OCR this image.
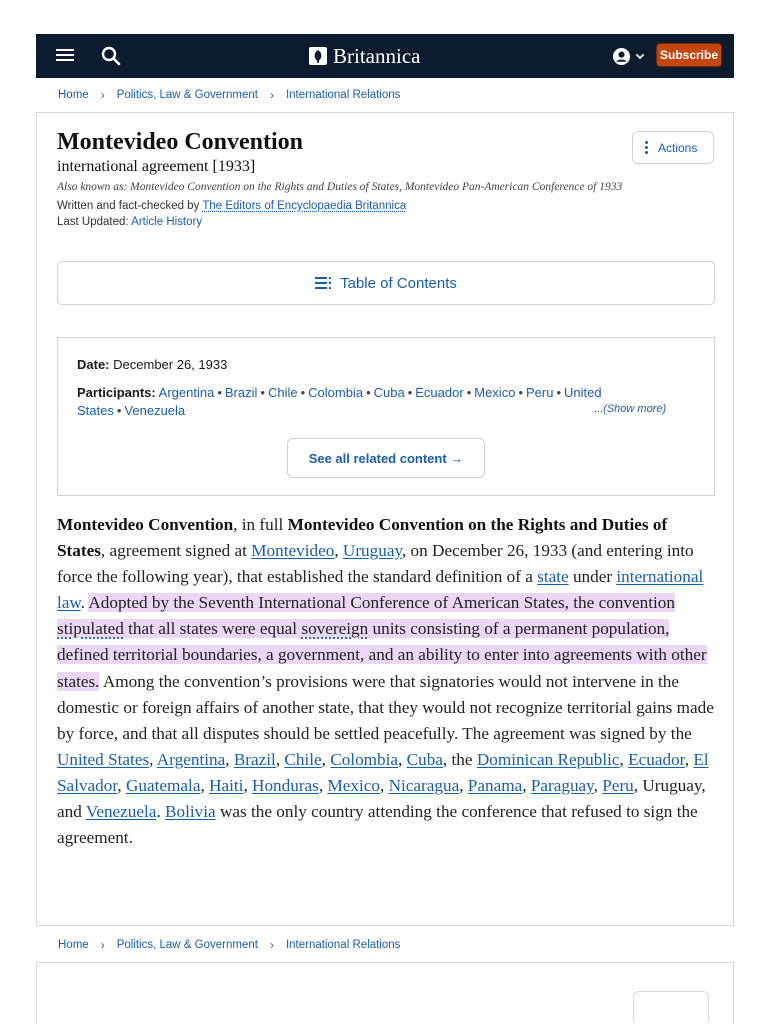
Britannica	Subscribe
Home › Politics, Law & Government › International Relations
Montevideo Convention
international agreement [1933]
Also known as: Montevideo Convention on the Rights and Duties of States, Montevideo Pan-American Conference of 1933
Written and fact-checked by The Editors of Encyclopaedia Britannica
Last Updated: Article History
Actions
Table of Contents
Date: December 26, 1933
Participants: Argentina • Brazil • Chile • Colombia • Cuba • Ecuador • Mexico • Peru • United States • Venezuela	...(Show more)
See all related content →
Montevideo Convention, in full Montevideo Convention on the Rights and Duties of States, agreement signed at Montevideo, Uruguay, on December 26, 1933 (and entering into force the following year), that established the standard definition of a state under international law. Adopted by the Seventh International Conference of American States, the convention stipulated that all states were equal sovereign units consisting of a permanent population, defined territorial boundaries, a government, and an ability to enter into agreements with other states. Among the convention’s provisions were that signatories would not intervene in the domestic or foreign affairs of another state, that they would not recognize territorial gains made by force, and that all disputes should be settled peacefully. The agreement was signed by the United States, Argentina, Brazil, Chile, Colombia, Cuba, the Dominican Republic, Ecuador, El Salvador, Guatemala, Haiti, Honduras, Mexico, Nicaragua, Panama, Paraguay, Peru, Uruguay, and Venezuela. Bolivia was the only country attending the conference that refused to sign the agreement.
Home › Politics, Law & Government › International Relations
